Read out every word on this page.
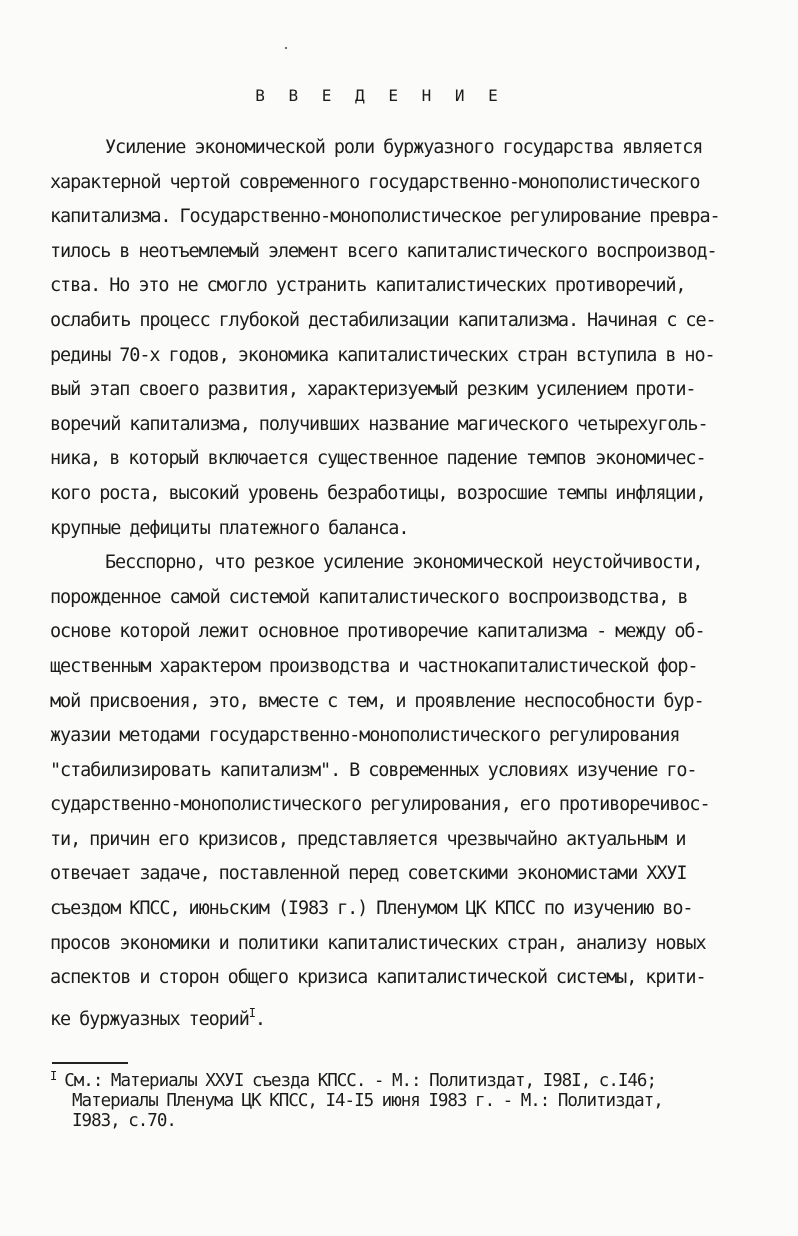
В В Е Д Е Н И Е
Усиление экономической роли буржуазного государства является
характерной чертой современного государственно-монополистического
капитализма. Государственно-монополистическое регулирование превра-
тилось в неотъемлемый элемент всего капиталистического воспроизвод-
ства. Но это не смогло устранить капиталистических противоречий,
ослабить процесс глубокой дестабилизации капитализма. Начиная с се-
редины 70-х годов, экономика капиталистических стран вступила в но-
вый этап своего развития, характеризуемый резким усилением проти-
воречий капитализма, получивших название магического четырехуголь-
ника, в который включается существенное падение темпов экономичес-
кого роста, высокий уровень безработицы, возросшие темпы инфляции,
крупные дефициты платежного баланса.
Бесспорно, что резкое усиление экономической неустойчивости,
порожденное самой системой капиталистического воспроизводства, в
основе которой лежит основное противоречие капитализма - между об-
щественным характером производства и частнокапиталистической фор-
мой присвоения, это, вместе с тем, и проявление неспособности бур-
жуазии методами государственно-монополистического регулирования
"стабилизировать капитализм". В современных условиях изучение го-
сударственно-монополистического регулирования, его противоречивос-
ти, причин его кризисов, представляется чрезвычайно актуальным и
отвечает задаче, поставленной перед советскими экономистами XXУI
съездом КПСС, июньским (I983 г.) Пленумом ЦК КПСС по изучению во-
просов экономики и политики капиталистических стран, анализу новых
аспектов и сторон общего кризиса капиталистической системы, крити-
ке буржуазных теорий$^I$.
$^I$ См.: Материалы XXУI съезда КПСС. - М.: Политиздат, I98I, с.I46;
Материалы Пленума ЦК КПСС, I4-I5 июня I983 г. - М.: Политиздат,
I983, с.70.
